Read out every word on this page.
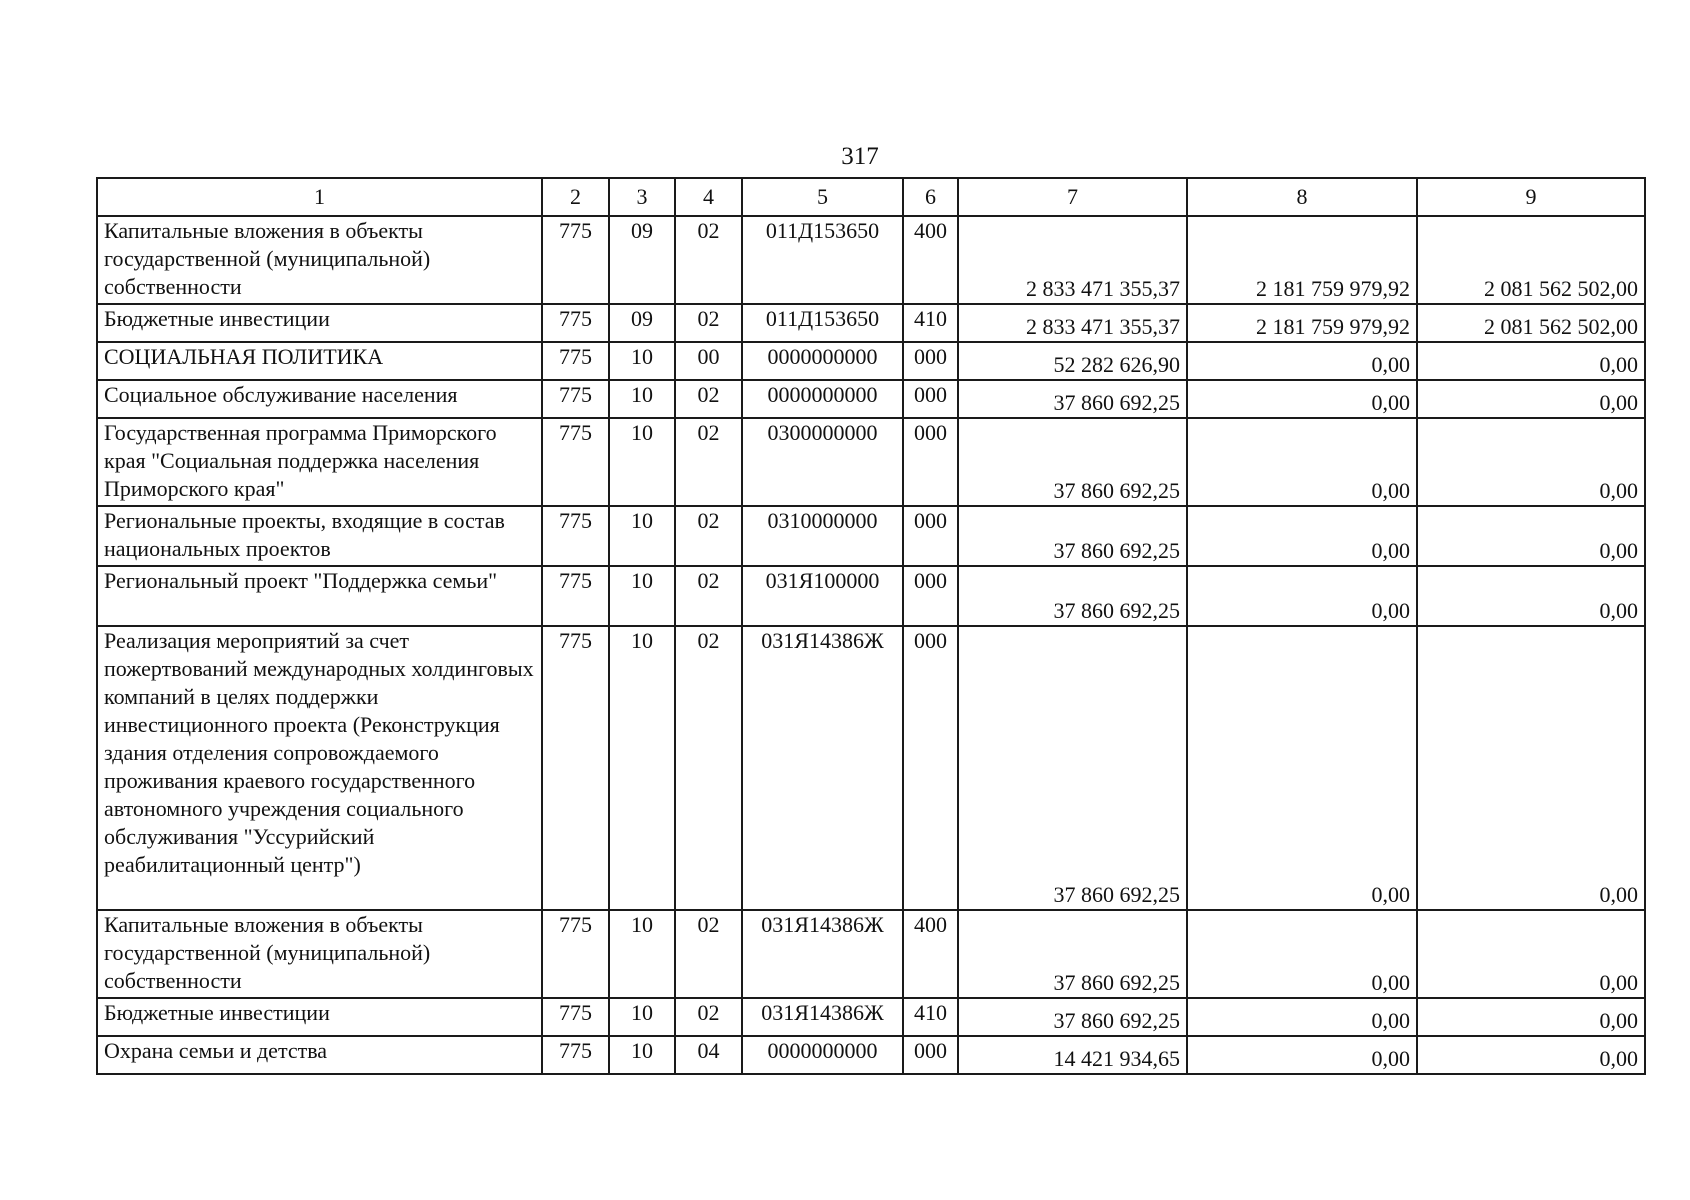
317
1	2	3	4	5	6	7	8	9
Капитальные вложения в объекты государственной (муниципальной) собственности	775	09	02	011Д153650	400	2 833 471 355,37	2 181 759 979,92	2 081 562 502,00
Бюджетные инвестиции	775	09	02	011Д153650	410	2 833 471 355,37	2 181 759 979,92	2 081 562 502,00
СОЦИАЛЬНАЯ ПОЛИТИКА	775	10	00	0000000000	000	52 282 626,90	0,00	0,00
Социальное обслуживание населения	775	10	02	0000000000	000	37 860 692,25	0,00	0,00
Государственная программа Приморского края "Социальная поддержка населения Приморского края"	775	10	02	0300000000	000	37 860 692,25	0,00	0,00
Региональные проекты, входящие в состав национальных проектов	775	10	02	0310000000	000	37 860 692,25	0,00	0,00
Региональный проект "Поддержка семьи"	775	10	02	031Я100000	000	37 860 692,25	0,00	0,00
Реализация мероприятий за счет пожертвований международных холдинговых компаний в целях поддержки инвестиционного проекта (Реконструкция здания отделения сопровождаемого проживания краевого государственного автономного учреждения социального обслуживания "Уссурийский реабилитационный центр")	775	10	02	031Я14386Ж	000	37 860 692,25	0,00	0,00
Капитальные вложения в объекты государственной (муниципальной) собственности	775	10	02	031Я14386Ж	400	37 860 692,25	0,00	0,00
Бюджетные инвестиции	775	10	02	031Я14386Ж	410	37 860 692,25	0,00	0,00
Охрана семьи и детства	775	10	04	0000000000	000	14 421 934,65	0,00	0,00
